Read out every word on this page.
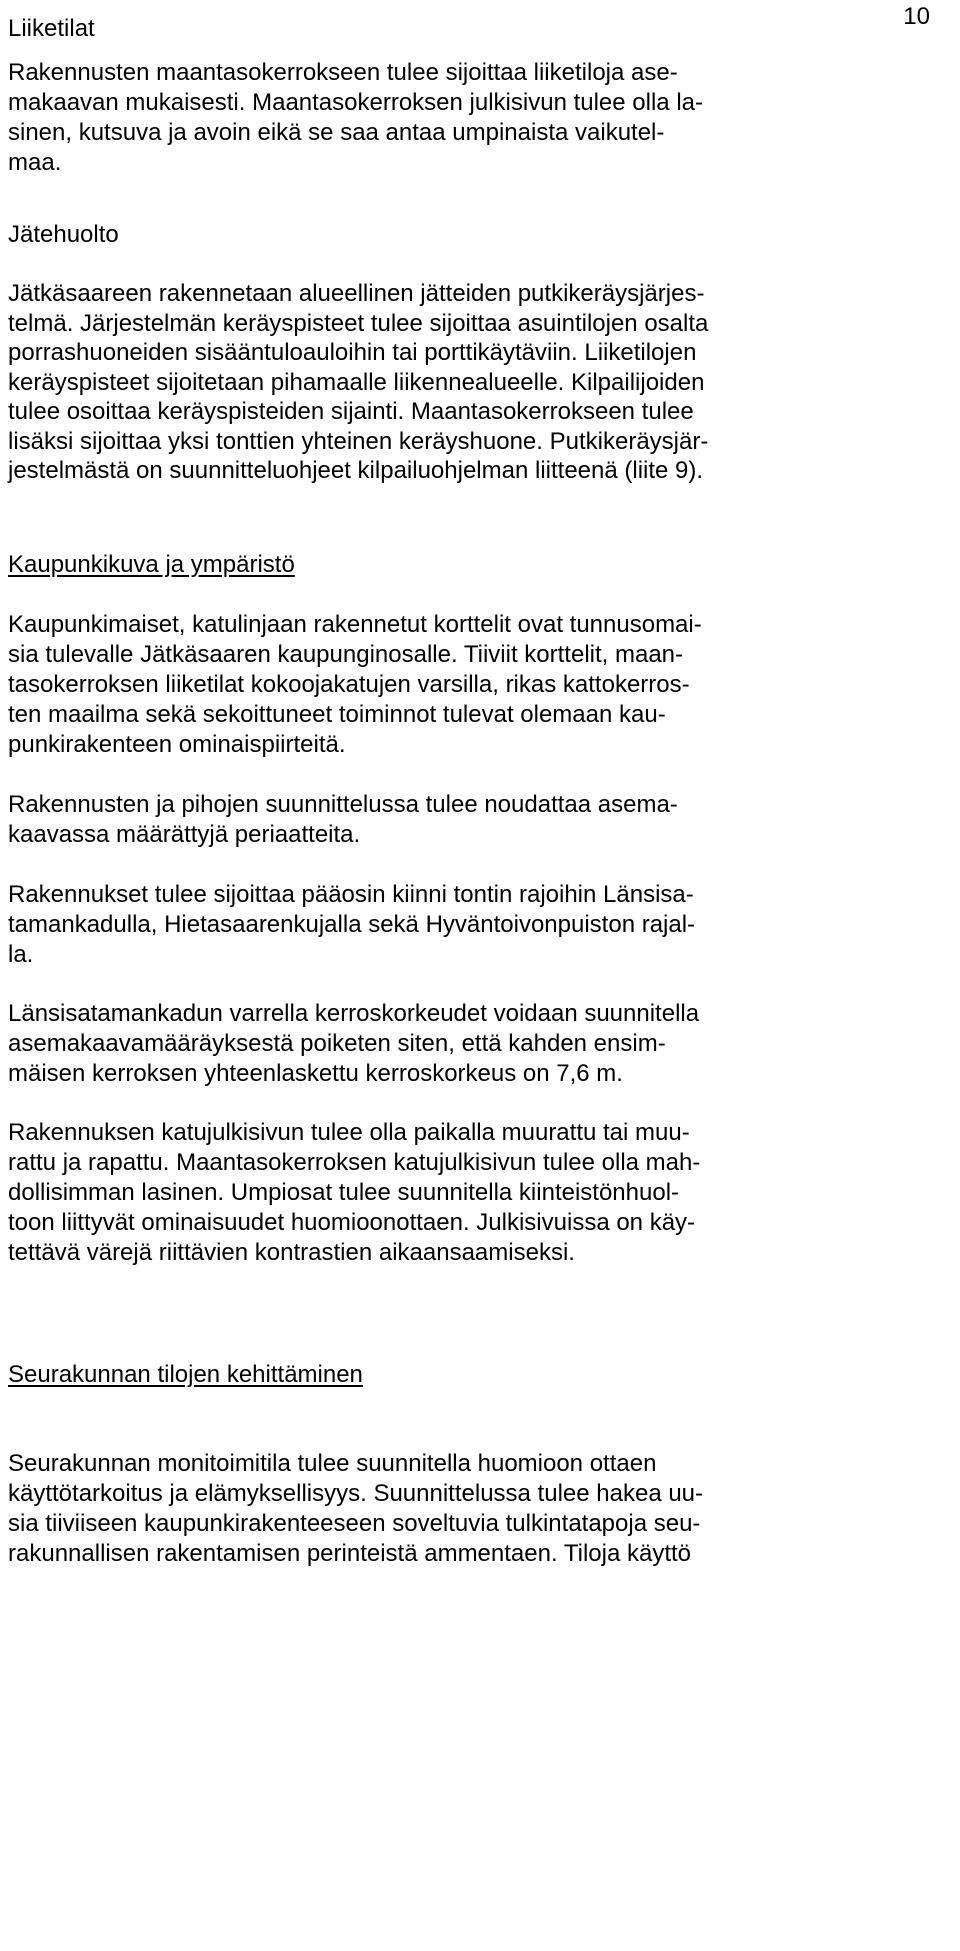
10
Liiketilat
Rakennusten maantasokerrokseen tulee sijoittaa liiketiloja ase-
makaavan mukaisesti. Maantasokerroksen julkisivun tulee olla la-
sinen, kutsuva ja avoin eikä se saa antaa umpinaista vaikutel-
maa.
Jätehuolto
Jätkäsaareen rakennetaan alueellinen jätteiden putkikeräysjärjes-
telmä. Järjestelmän keräyspisteet tulee sijoittaa asuintilojen osalta
porrashuoneiden sisääntuloauloihin tai porttikäytäviin. Liiketilojen
keräyspisteet sijoitetaan pihamaalle liikennealueelle. Kilpailijoiden
tulee osoittaa keräyspisteiden sijainti. Maantasokerrokseen tulee
lisäksi sijoittaa yksi tonttien yhteinen keräyshuone. Putkikeräysjär-
jestelmästä on suunnitteluohjeet kilpailuohjelman liitteenä (liite 9).
Kaupunkikuva ja ympäristö
Kaupunkimaiset, katulinjaan rakennetut korttelit ovat tunnusomai-
sia tulevalle Jätkäsaaren kaupunginosalle. Tiiviit korttelit, maan-
tasokerroksen liiketilat kokoojakatujen varsilla, rikas kattokerros-
ten maailma sekä sekoittuneet toiminnot tulevat olemaan kau-
punkirakenteen ominaispiirteitä.
Rakennusten ja pihojen suunnittelussa tulee noudattaa asema-
kaavassa määrättyjä periaatteita.
Rakennukset tulee sijoittaa pääosin kiinni tontin rajoihin Länsisa-
tamankadulla, Hietasaarenkujalla sekä Hyväntoivonpuiston rajal-
la.
Länsisatamankadun varrella kerroskorkeudet voidaan suunnitella
asemakaavamääräyksestä poiketen siten, että kahden ensim-
mäisen kerroksen yhteenlaskettu kerroskorkeus on 7,6 m.
Rakennuksen katujulkisivun tulee olla paikalla muurattu tai muu-
rattu ja rapattu. Maantasokerroksen katujulkisivun tulee olla mah-
dollisimman lasinen. Umpiosat tulee suunnitella kiinteistönhuol-
toon liittyvät ominaisuudet huomioonottaen. Julkisivuissa on käy-
tettävä värejä riittävien kontrastien aikaansaamiseksi.
Seurakunnan tilojen kehittäminen
Seurakunnan monitoimitila tulee suunnitella huomioon ottaen
käyttötarkoitus ja elämyksellisyys. Suunnittelussa tulee hakea uu-
sia tiiviiseen kaupunkirakenteeseen soveltuvia tulkintatapoja seu-
rakunnallisen rakentamisen perinteistä ammentaen. Tiloja käyttö
